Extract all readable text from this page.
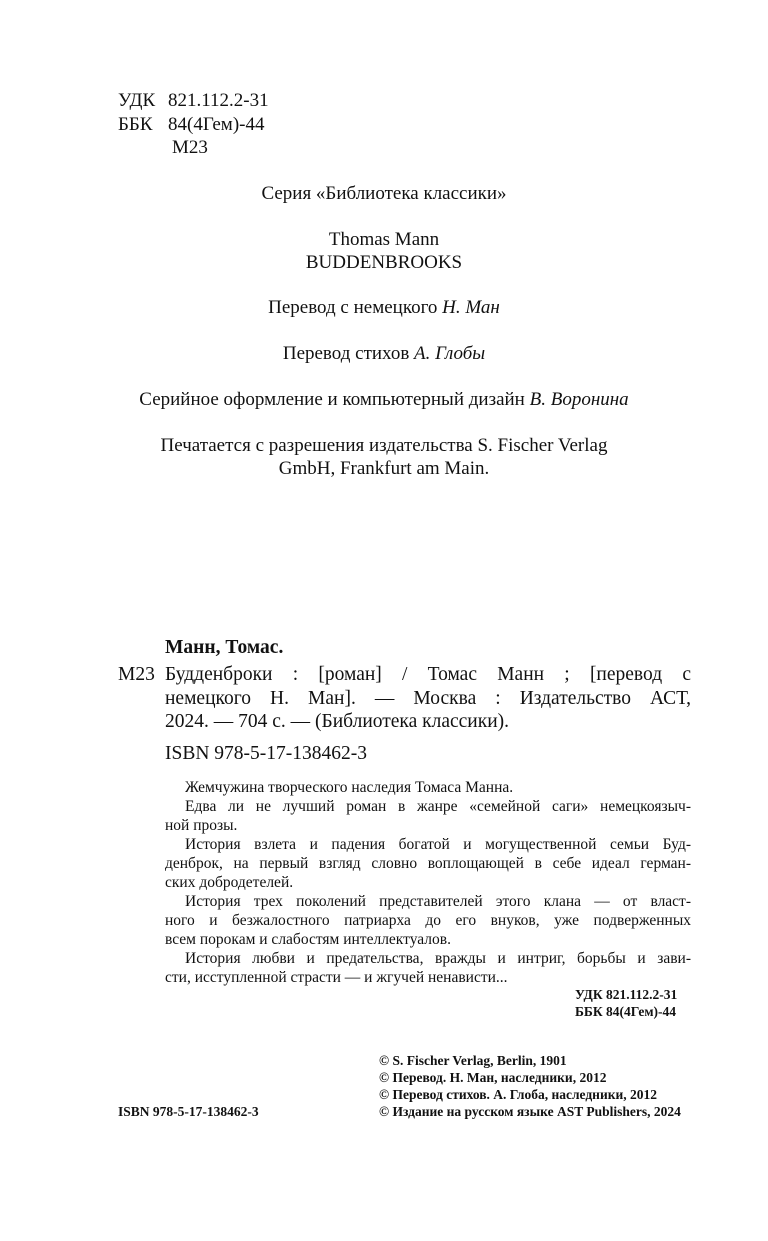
УДК 821.112.2-31
ББК 84(4Гем)-44
М23
Серия «Библиотека классики»
Thomas Mann
BUDDENBROOKS
Перевод с немецкого Н. Ман
Перевод стихов А. Глобы
Серийное оформление и компьютерный дизайн В. Воронина
Печатается с разрешения издательства S. Fischer Verlag
GmbH, Frankfurt am Main.
Манн, Томас.
М23 Будденброки : [роман] / Томас Манн ; [перевод с
немецкого Н. Ман]. — Москва : Издательство АСТ,
2024. — 704 с. — (Библиотека классики).
ISBN 978-5-17-138462-3
Жемчужина творческого наследия Томаса Манна.
Едва ли не лучший роман в жанре «семейной саги» немецкоязыч-
ной прозы.
История взлета и падения богатой и могущественной семьи Буд-
денброк, на первый взгляд словно воплощающей в себе идеал герман-
ских добродетелей.
История трех поколений представителей этого клана — от власт-
ного и безжалостного патриарха до его внуков, уже подверженных
всем порокам и слабостям интеллектуалов.
История любви и предательства, вражды и интриг, борьбы и зави-
сти, исступленной страсти — и жгучей ненависти...
УДК 821.112.2-31
ББК 84(4Гем)-44
© S. Fischer Verlag, Berlin, 1901
© Перевод. Н. Ман, наследники, 2012
© Перевод стихов. А. Глоба, наследники, 2012
© Издание на русском языке AST Publishers, 2024
ISBN 978-5-17-138462-3
